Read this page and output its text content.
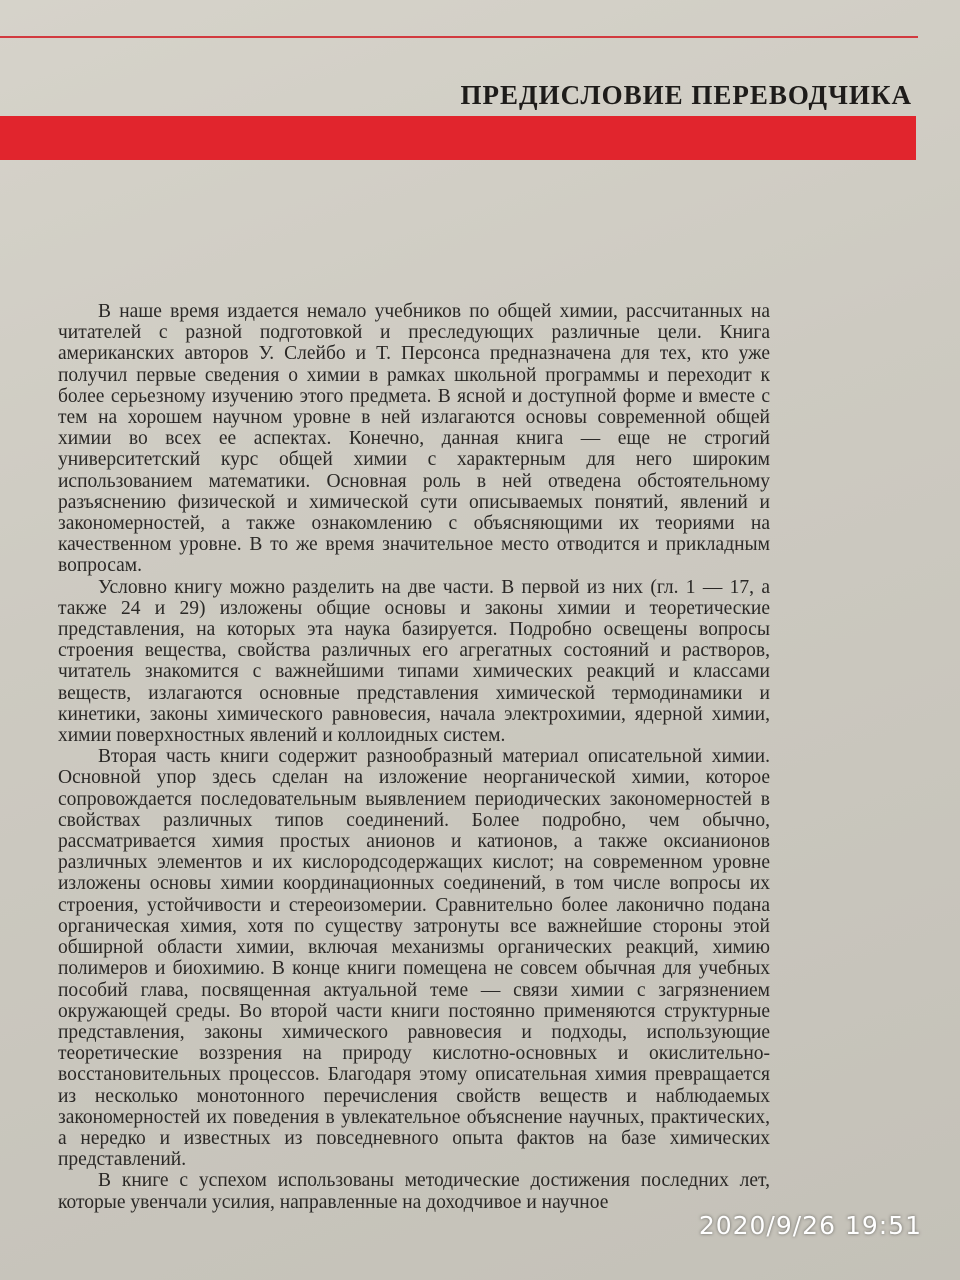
ПРЕДИСЛОВИЕ ПЕРЕВОДЧИКА

В наше время издается немало учебников по общей химии, рассчитанных на читателей с разной подготовкой и преследующих различные цели. Книга американских авторов У. Слейбо и Т. Персонса предназначена для тех, кто уже получил первые сведения о химии в рамках школьной программы и переходит к более серьезному изучению этого предмета. В ясной и доступной форме и вместе с тем на хорошем научном уровне в ней излагаются основы современной общей химии во всех ее аспектах. Конечно, данная книга — еще не строгий университетский курс общей химии с характерным для него широким использованием математики. Основная роль в ней отведена обстоятельному разъяснению физической и химической сути описываемых понятий, явлений и закономерностей, а также ознакомлению с объясняющими их теориями на качественном уровне. В то же время значительное место отводится и прикладным вопросам.

Условно книгу можно разделить на две части. В первой из них (гл. 1 — 17, а также 24 и 29) изложены общие основы и законы химии и теоретические представления, на которых эта наука базируется. Подробно освещены вопросы строения вещества, свойства различных его агрегатных состояний и растворов, читатель знакомится с важнейшими типами химических реакций и классами веществ, излагаются основные представления химической термодинамики и кинетики, законы химического равновесия, начала электрохимии, ядерной химии, химии поверхностных явлений и коллоидных систем.

Вторая часть книги содержит разнообразный материал описательной химии. Основной упор здесь сделан на изложение неорганической химии, которое сопровождается последовательным выявлением периодических закономерностей в свойствах различных типов соединений. Более подробно, чем обычно, рассматривается химия простых анионов и катионов, а также оксианионов различных элементов и их кислородсодержащих кислот; на современном уровне изложены основы химии координационных соединений, в том числе вопросы их строения, устойчивости и стереоизомерии. Сравнительно более лаконично подана органическая химия, хотя по существу затронуты все важнейшие стороны этой обширной области химии, включая механизмы органических реакций, химию полимеров и биохимию. В конце книги помещена не совсем обычная для учебных пособий глава, посвященная актуальной теме — связи химии с загрязнением окружающей среды. Во второй части книги постоянно применяются структурные представления, законы химического равновесия и подходы, использующие теоретические воззрения на природу кислотно-основных и окислительно-восстановительных процессов. Благодаря этому описательная химия превращается из несколько монотонного перечисления свойств веществ и наблюдаемых закономерностей их поведения в увлекательное объяснение научных, практических, а нередко и известных из повседневного опыта фактов на базе химических представлений.

В книге с успехом использованы методические достижения последних лет, которые увенчали усилия, направленные на доходчивое и научное

2020/9/26 19:51
